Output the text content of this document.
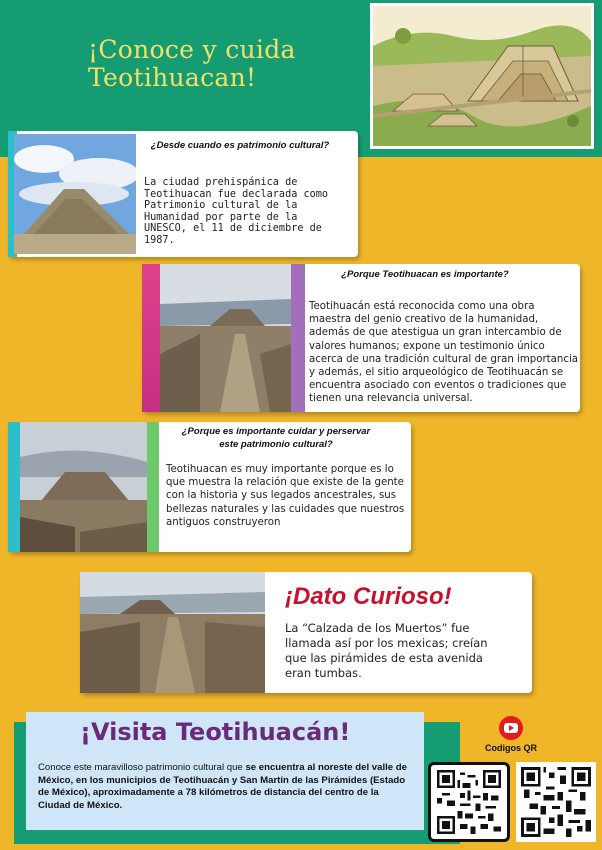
¡Conoce y cuida
Teotihuacan!
¿Desde cuando es patrimonio cultural?
La ciudad prehispánica de Teotihuacan fue declarada como Patrimonio cultural de la Humanidad por parte de la UNESCO, el 11 de diciembre de 1987.
¿Porque Teotihuacan es importante?
Teotihuacán está reconocida como una obra maestra del genio creativo de la humanidad, además de que atestigua un gran intercambio de valores humanos; expone un testimonio único acerca de una tradición cultural de gran importancia y además, el sitio arqueológico de Teotihuacán se encuentra asociado con eventos o tradiciones que tienen una relevancia universal.
¿Porque es importante cuidar y perservar este patrimonio cultural?
Teotihuacan es muy importante porque es lo que muestra la relación que existe de la gente con la historia y sus legados ancestrales, sus bellezas naturales y las cuidades que nuestros antiguos construyeron
¡Dato Curioso!
La “Calzada de los Muertos” fue llamada así por los mexicas; creían que las pirámides de esta avenida eran tumbas.
¡Visita Teotihuacán!
Conoce este maravilloso patrimonio cultural que se encuentra al noreste del valle de México, en los municipios de Teotihuacán y San Martín de las Pirámides (Estado de México), aproximadamente a 78 kilómetros de distancia del centro de la Ciudad de México.
Codigos QR
